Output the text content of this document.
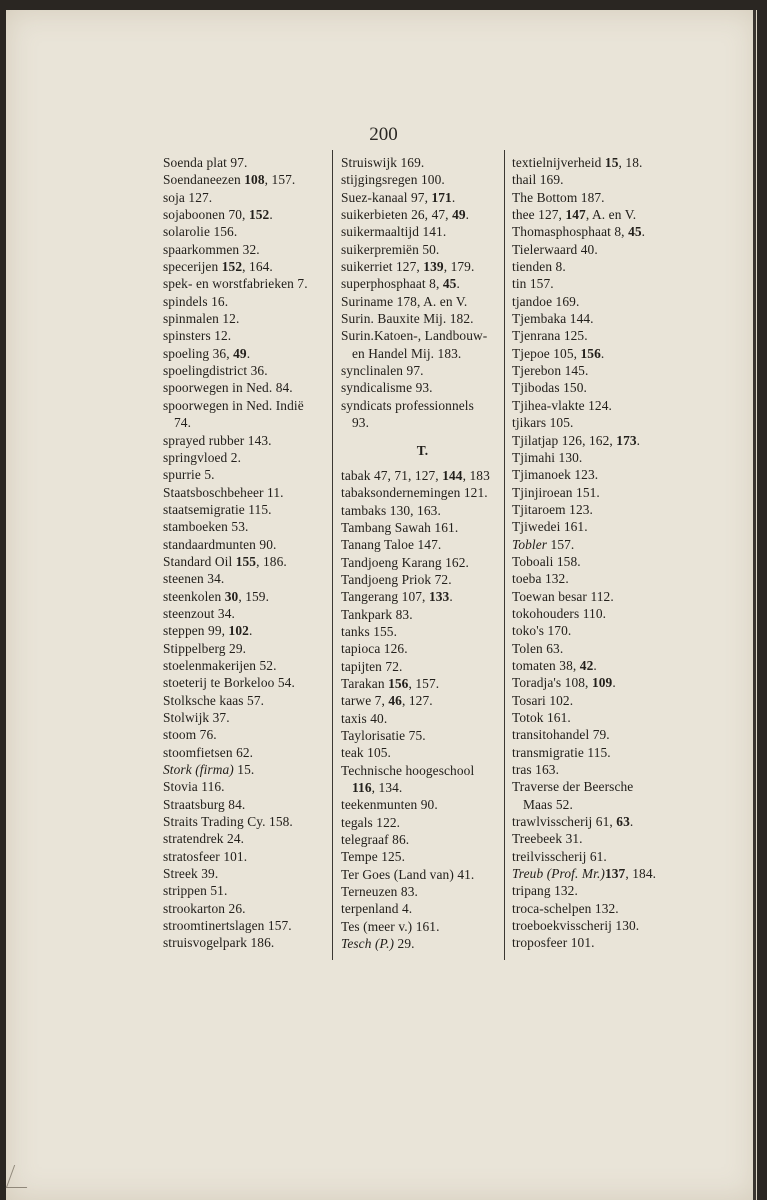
200
Soenda plat 97.
Soendaneezen 108, 157.
soja 127.
sojaboonen 70, 152.
solarolie 156.
spaarkommen 32.
specerijen 152, 164.
spek- en worstfabrieken 7.
spindels 16.
spinmalen 12.
spinsters 12.
spoeling 36, 49.
spoelingdistrict 36.
spoorwegen in Ned. 84.
spoorwegen in Ned. Indië
74.
sprayed rubber 143.
springvloed 2.
spurrie 5.
Staatsboschbeheer 11.
staatsemigratie 115.
stamboeken 53.
standaardmunten 90.
Standard Oil 155, 186.
steenen 34.
steenkolen 30, 159.
steenzout 34.
steppen 99, 102.
Stippelberg 29.
stoelenmakerijen 52.
stoeterij te Borkeloo 54.
Stolksche kaas 57.
Stolwijk 37.
stoom 76.
stoomfietsen 62.
Stork (firma) 15.
Stovia 116.
Straatsburg 84.
Straits Trading Cy. 158.
stratendrek 24.
stratosfeer 101.
Streek 39.
strippen 51.
strookarton 26.
stroomtinertslagen 157.
struisvogelpark 186.
Struiswijk 169.
stijgingsregen 100.
Suez-kanaal 97, 171.
suikerbieten 26, 47, 49.
suikermaaltijd 141.
suikerpremiën 50.
suikerriet 127, 139, 179.
superphosphaat 8, 45.
Suriname 178, A. en V.
Surin. Bauxite Mij. 182.
Surin.Katoen-, Landbouw-
en Handel Mij. 183.
synclinalen 97.
syndicalisme 93.
syndicats professionnels
93.
T.
tabak 47, 71, 127, 144, 183
tabaksondernemingen 121.
tambaks 130, 163.
Tambang Sawah 161.
Tanang Taloe 147.
Tandjoeng Karang 162.
Tandjoeng Priok 72.
Tangerang 107, 133.
Tankpark 83.
tanks 155.
tapioca 126.
tapijten 72.
Tarakan 156, 157.
tarwe 7, 46, 127.
taxis 40.
Taylorisatie 75.
teak 105.
Technische hoogeschool
116, 134.
teekenmunten 90.
tegals 122.
telegraaf 86.
Tempe 125.
Ter Goes (Land van) 41.
Terneuzen 83.
terpenland 4.
Tes (meer v.) 161.
Tesch (P.) 29.
textielnijverheid 15, 18.
thail 169.
The Bottom 187.
thee 127, 147, A. en V.
Thomasphosphaat 8, 45.
Tielerwaard 40.
tienden 8.
tin 157.
tjandoe 169.
Tjembaka 144.
Tjenrana 125.
Tjepoe 105, 156.
Tjerebon 145.
Tjibodas 150.
Tjihea-vlakte 124.
tjikars 105.
Tjilatjap 126, 162, 173.
Tjimahi 130.
Tjimanoek 123.
Tjinjiroean 151.
Tjitaroem 123.
Tjiwedei 161.
Tobler 157.
Toboali 158.
toeba 132.
Toewan besar 112.
tokohouders 110.
toko's 170.
Tolen 63.
tomaten 38, 42.
Toradja's 108, 109.
Tosari 102.
Totok 161.
transitohandel 79.
transmigratie 115.
tras 163.
Traverse der Beersche
Maas 52.
trawlvisscherij 61, 63.
Treebeek 31.
treilvisscherij 61.
Treub (Prof. Mr.)137, 184.
tripang 132.
troca-schelpen 132.
troeboekvisscherij 130.
troposfeer 101.
